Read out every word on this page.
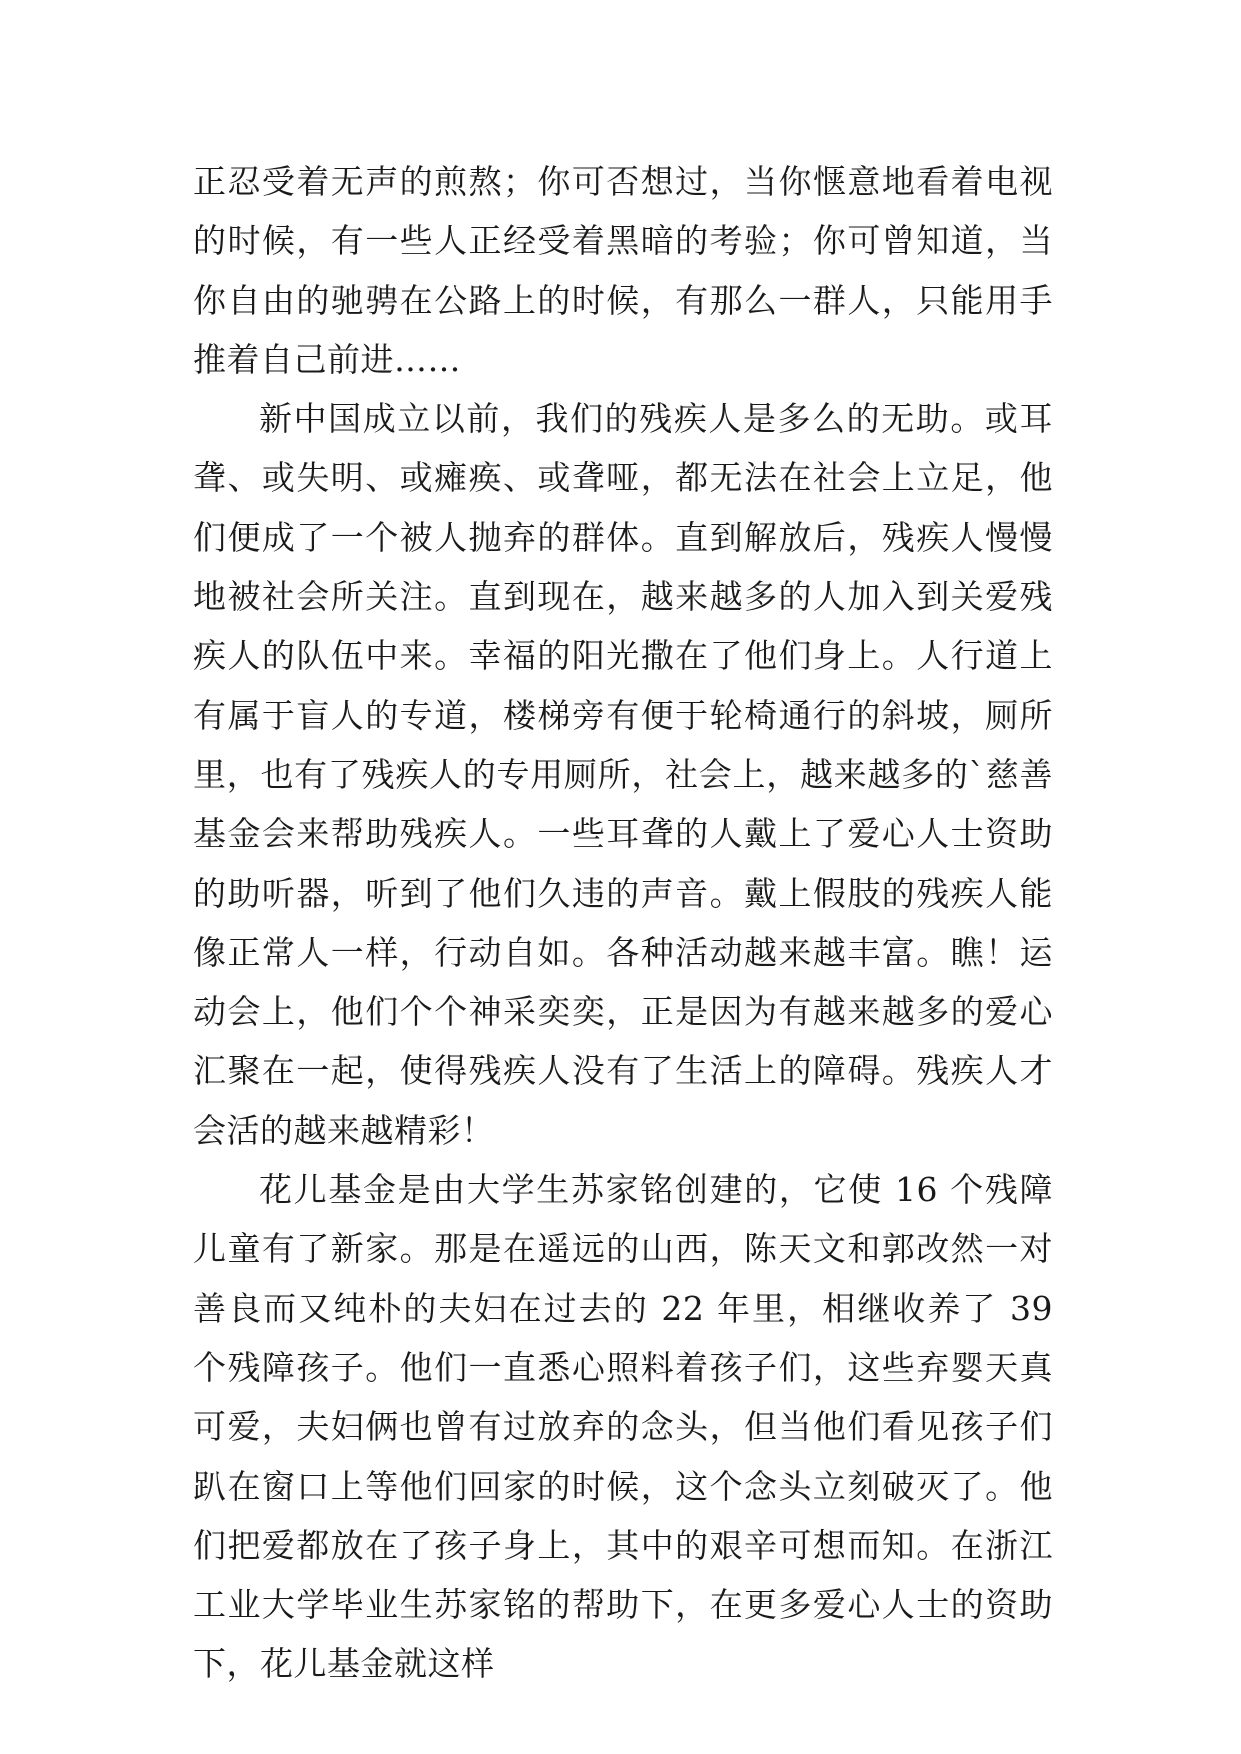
正忍受着无声的煎熬；你可否想过，当你惬意地看着电视的时候，有一些人正经受着黑暗的考验；你可曾知道，当你自由的驰骋在公路上的时候，有那么一群人，只能用手推着自己前进……

新中国成立以前，我们的残疾人是多么的无助。或耳聋、或失明、或瘫痪、或聋哑，都无法在社会上立足，他们便成了一个被人抛弃的群体。直到解放后，残疾人慢慢地被社会所关注。直到现在，越来越多的人加入到关爱残疾人的队伍中来。幸福的阳光撒在了他们身上。人行道上有属于盲人的专道，楼梯旁有便于轮椅通行的斜坡，厕所里，也有了残疾人的专用厕所，社会上，越来越多的`慈善基金会来帮助残疾人。一些耳聋的人戴上了爱心人士资助的助听器，听到了他们久违的声音。戴上假肢的残疾人能像正常人一样，行动自如。各种活动越来越丰富。瞧！运动会上，他们个个神采奕奕，正是因为有越来越多的爱心汇聚在一起，使得残疾人没有了生活上的障碍。残疾人才会活的越来越精彩！

花儿基金是由大学生苏家铭创建的，它使 16 个残障儿童有了新家。那是在遥远的山西，陈天文和郭改然一对善良而又纯朴的夫妇在过去的 22 年里，相继收养了 39 个残障孩子。他们一直悉心照料着孩子们，这些弃婴天真可爱，夫妇俩也曾有过放弃的念头，但当他们看见孩子们趴在窗口上等他们回家的时候，这个念头立刻破灭了。他们把爱都放在了孩子身上，其中的艰辛可想而知。在浙江工业大学毕业生苏家铭的帮助下，在更多爱心人士的资助下，花儿基金就这样
